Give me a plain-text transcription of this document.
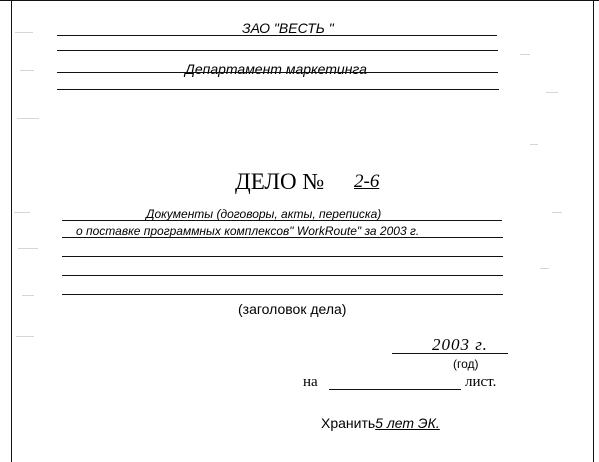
ЗАО "ВЕСТЬ "
Департамент маркетинга
ДЕЛО № 2-6
Документы (договоры, акты, переписка)
о поставке программных комплексов" WorkRoute" за 2003 г.
(заголовок дела)
2003 г.
(год)
на	лист.
Хранить5 лет ЭК.
